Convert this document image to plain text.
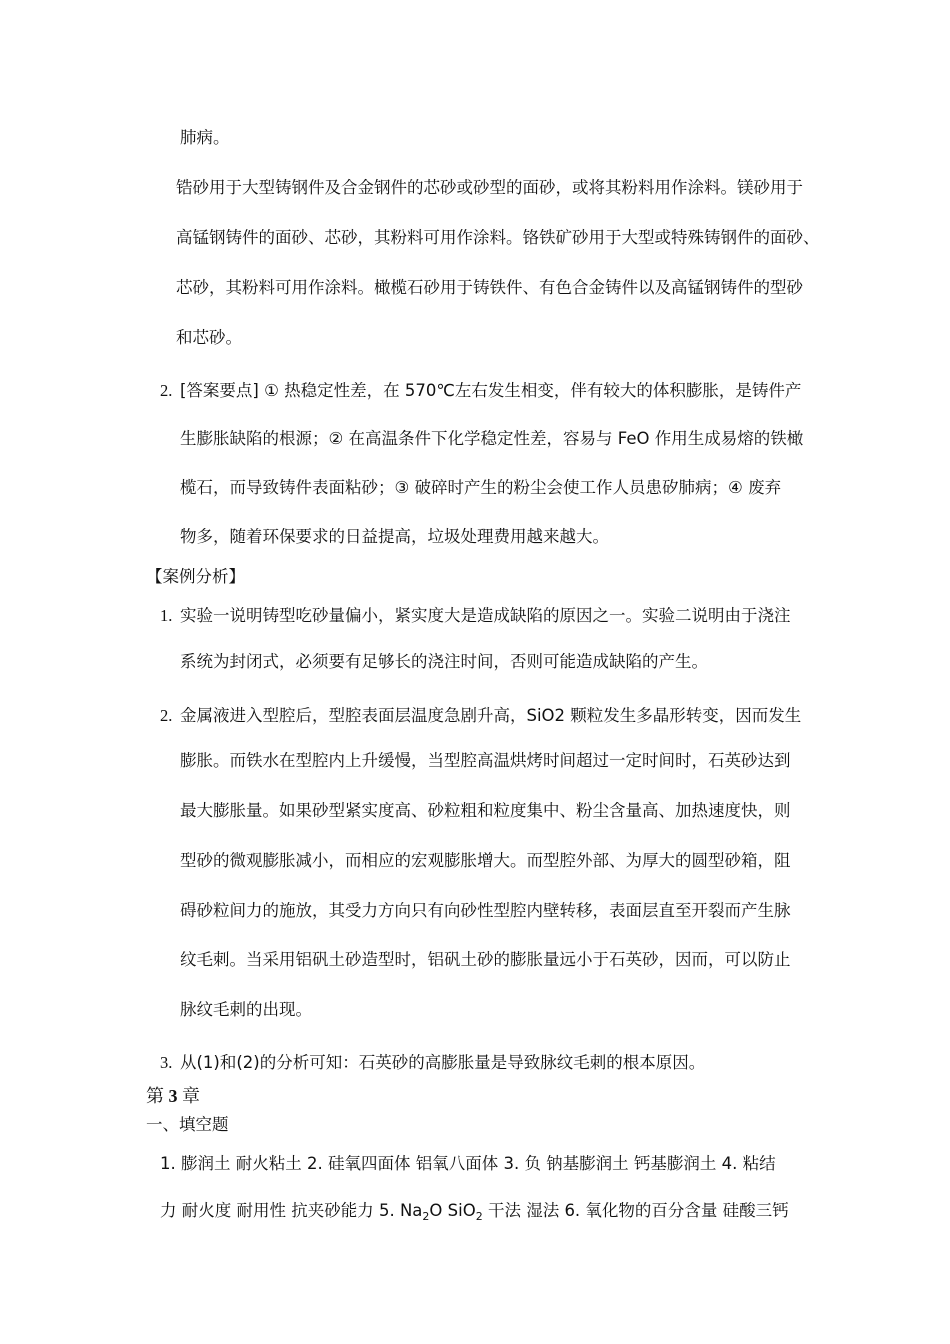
肺病。
锆砂用于大型铸钢件及合金钢件的芯砂或砂型的面砂，或将其粉料用作涂料。镁砂用于
高锰钢铸件的面砂、芯砂，其粉料可用作涂料。铬铁矿砂用于大型或特殊铸钢件的面砂、
芯砂，其粉料可用作涂料。橄榄石砂用于铸铁件、有色合金铸件以及高锰钢铸件的型砂
和芯砂。
2. [答案要点] ① 热稳定性差，在 570℃左右发生相变，伴有较大的体积膨胀，是铸件产
生膨胀缺陷的根源；② 在高温条件下化学稳定性差，容易与 FeO 作用生成易熔的铁橄
榄石，而导致铸件表面粘砂；③ 破碎时产生的粉尘会使工作人员患矽肺病；④ 废弃
物多，随着环保要求的日益提高，垃圾处理费用越来越大。
【案例分析】
1. 实验一说明铸型吃砂量偏小，紧实度大是造成缺陷的原因之一。实验二说明由于浇注
系统为封闭式，必须要有足够长的浇注时间，否则可能造成缺陷的产生。
2. 金属液进入型腔后，型腔表面层温度急剧升高，SiO2 颗粒发生多晶形转变，因而发生
膨胀。而铁水在型腔内上升缓慢，当型腔高温烘烤时间超过一定时间时，石英砂达到
最大膨胀量。如果砂型紧实度高、砂粒粗和粒度集中、粉尘含量高、加热速度快，则
型砂的微观膨胀减小，而相应的宏观膨胀增大。而型腔外部、为厚大的圆型砂箱，阻
碍砂粒间力的施放，其受力方向只有向砂性型腔内壁转移，表面层直至开裂而产生脉
纹毛刺。当采用铝矾土砂造型时，铝矾土砂的膨胀量远小于石英砂，因而，可以防止
脉纹毛刺的出现。
3. 从(1)和(2)的分析可知：石英砂的高膨胀量是导致脉纹毛刺的根本原因。
第 3 章
一、填空题
1. 膨润土 耐火粘土 2. 硅氧四面体 铝氧八面体 3. 负 钠基膨润土 钙基膨润土 4. 粘结
力 耐火度 耐用性 抗夹砂能力 5. $Na_2O$ SiO$_2$ 干法 湿法 6. 氧化物的百分含量 硅酸三钙
